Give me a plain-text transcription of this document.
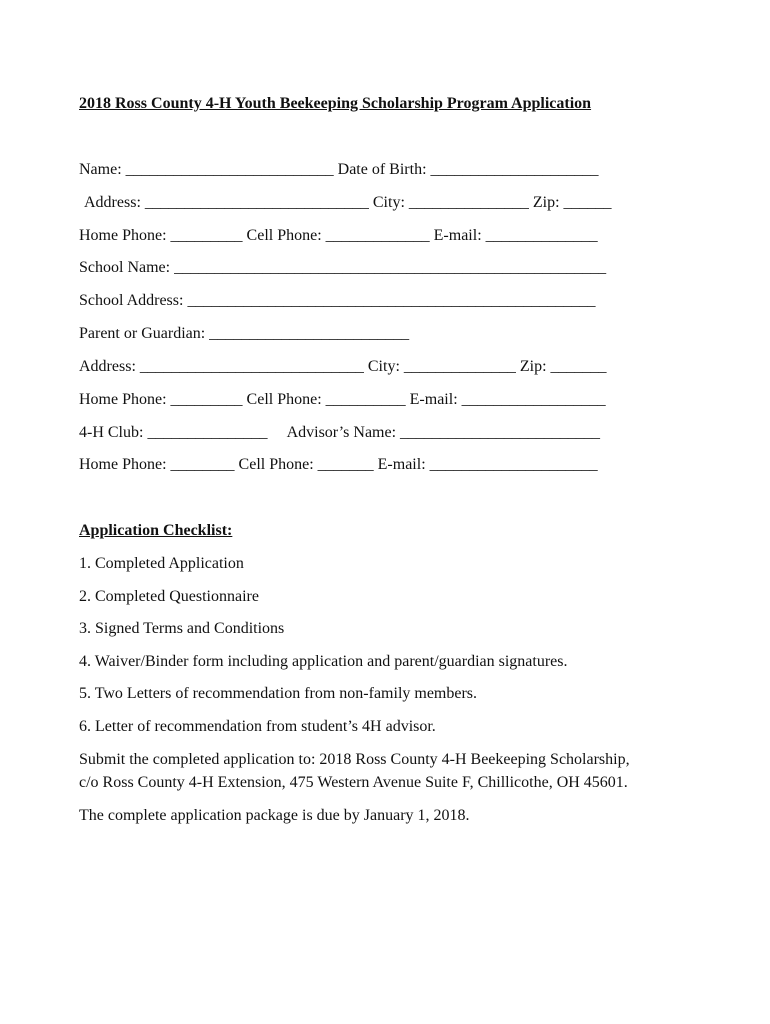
2018 Ross County 4-H Youth Beekeeping Scholarship Program Application
Name: __________________________ Date of Birth: _____________________
Address: ____________________________ City: _______________ Zip: ______
Home Phone: _________ Cell Phone: _____________ E-mail: ______________
School Name: ______________________________________________________
School Address: ___________________________________________________
Parent or Guardian: _________________________
Address: ____________________________ City: ______________ Zip: _______
Home Phone: _________ Cell Phone: __________ E-mail: __________________
4-H Club: _______________     Advisor’s Name: _________________________
Home Phone: ________ Cell Phone: _______ E-mail: _____________________
Application Checklist:
1. Completed Application
2. Completed Questionnaire
3. Signed Terms and Conditions
4. Waiver/Binder form including application and parent/guardian signatures.
5. Two Letters of recommendation from non-family members.
6. Letter of recommendation from student’s 4H advisor.
Submit the completed application to: 2018 Ross County 4-H Beekeeping Scholarship,
c/o Ross County 4-H Extension, 475 Western Avenue Suite F, Chillicothe, OH 45601.
The complete application package is due by January 1, 2018.
